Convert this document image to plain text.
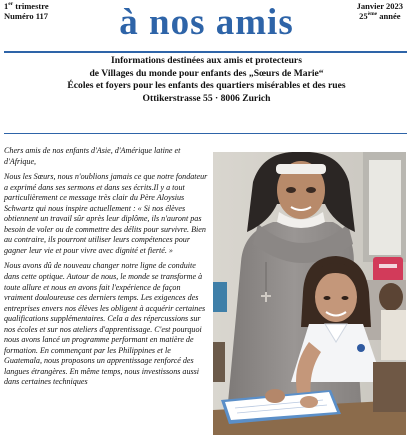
1er trimestre
Numéro 117
Janvier 2023
25ème année
à nos amis
Informations destinées aux amis et protecteurs
de Villages du monde pour enfants des „Sœurs de Marie“
Écoles et foyers pour les enfants des quartiers misérables et des rues
Ottikerstrasse 55 · 8006 Zurich

Chers amis de nos enfants d'Asie, d'Amérique latine et d'Afrique,

Nous les Sœurs, nous n'oublions jamais ce que notre fondateur a exprimé dans ses sermons et dans ses écrits.Il y a tout particulièrement ce message très clair du Père Aloysius Schwartz qui nous inspire actuellement : « Si nos élèves obtiennent un travail sûr après leur diplôme, ils n'auront pas besoin de voler ou de commettre des délits pour survivre. Bien au contraire, ils pourront utiliser leurs compétences pour gagner leur vie et pour vivre avec dignité et fierté. »

Nous avons dû de nouveau changer notre ligne de conduite dans cette optique. Autour de nous, le monde se transforme à toute allure et nous en avons fait l'expérience de façon vraiment douloureuse ces derniers temps. Les exigences des entreprises envers nos élèves les obligent à acquérir certaines qualifications supplémentaires. Cela a des répercussions sur nos écoles et sur nos ateliers d'apprentissage. C'est pourquoi nous avons lancé un programme performant en matière de formation. En commençant par les Philippines et le Guatemala, nous proposons un apprentissage renforcé des langues étrangères. En même temps, nous investissons aussi dans certaines techniques
